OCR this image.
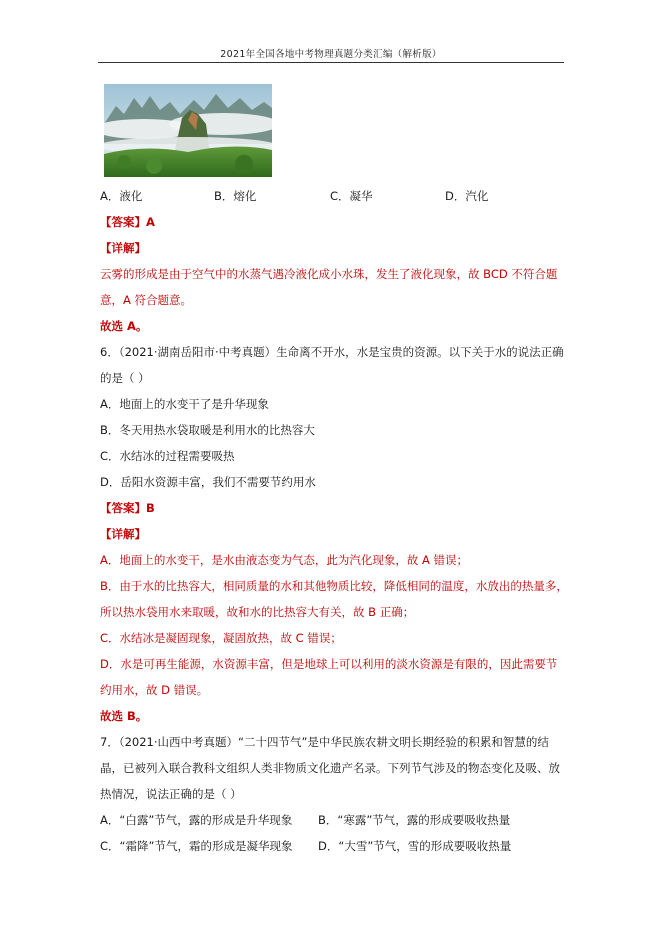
2021年全国各地中考物理真题分类汇编（解析版）
A．液化	B．熔化	C．凝华	D．汽化
【答案】A
【详解】
云雾的形成是由于空气中的水蒸气遇冷液化成小水珠，发生了液化现象，故 BCD 不符合题
意，A 符合题意。
故选 A。
6．（2021·湖南岳阳市·中考真题）生命离不开水，水是宝贵的资源。以下关于水的说法正确
的是（ ）
A．地面上的水变干了是升华现象
B．冬天用热水袋取暖是利用水的比热容大
C．水结冰的过程需要吸热
D．岳阳水资源丰富，我们不需要节约用水
【答案】B
【详解】
A．地面上的水变干，是水由液态变为气态，此为汽化现象，故 A 错误；
B．由于水的比热容大，相同质量的水和其他物质比较，降低相同的温度，水放出的热量多，
所以热水袋用水来取暖，故和水的比热容大有关，故 B 正确；
C．水结冰是凝固现象，凝固放热，故 C 错误；
D．水是可再生能源，水资源丰富，但是地球上可以利用的淡水资源是有限的，因此需要节
约用水，故 D 错误。
故选 B。
7．（2021·山西中考真题）“二十四节气”是中华民族农耕文明长期经验的积累和智慧的结
晶，已被列入联合教科文组织人类非物质文化遗产名录。下列节气涉及的物态变化及吸、放
热情况，说法正确的是（ ）
A．“白露”节气，露的形成是升华现象 B．“寒露”节气，露的形成要吸收热量
C．“霜降”节气，霜的形成是凝华现象 D．“大雪”节气，雪的形成要吸收热量
